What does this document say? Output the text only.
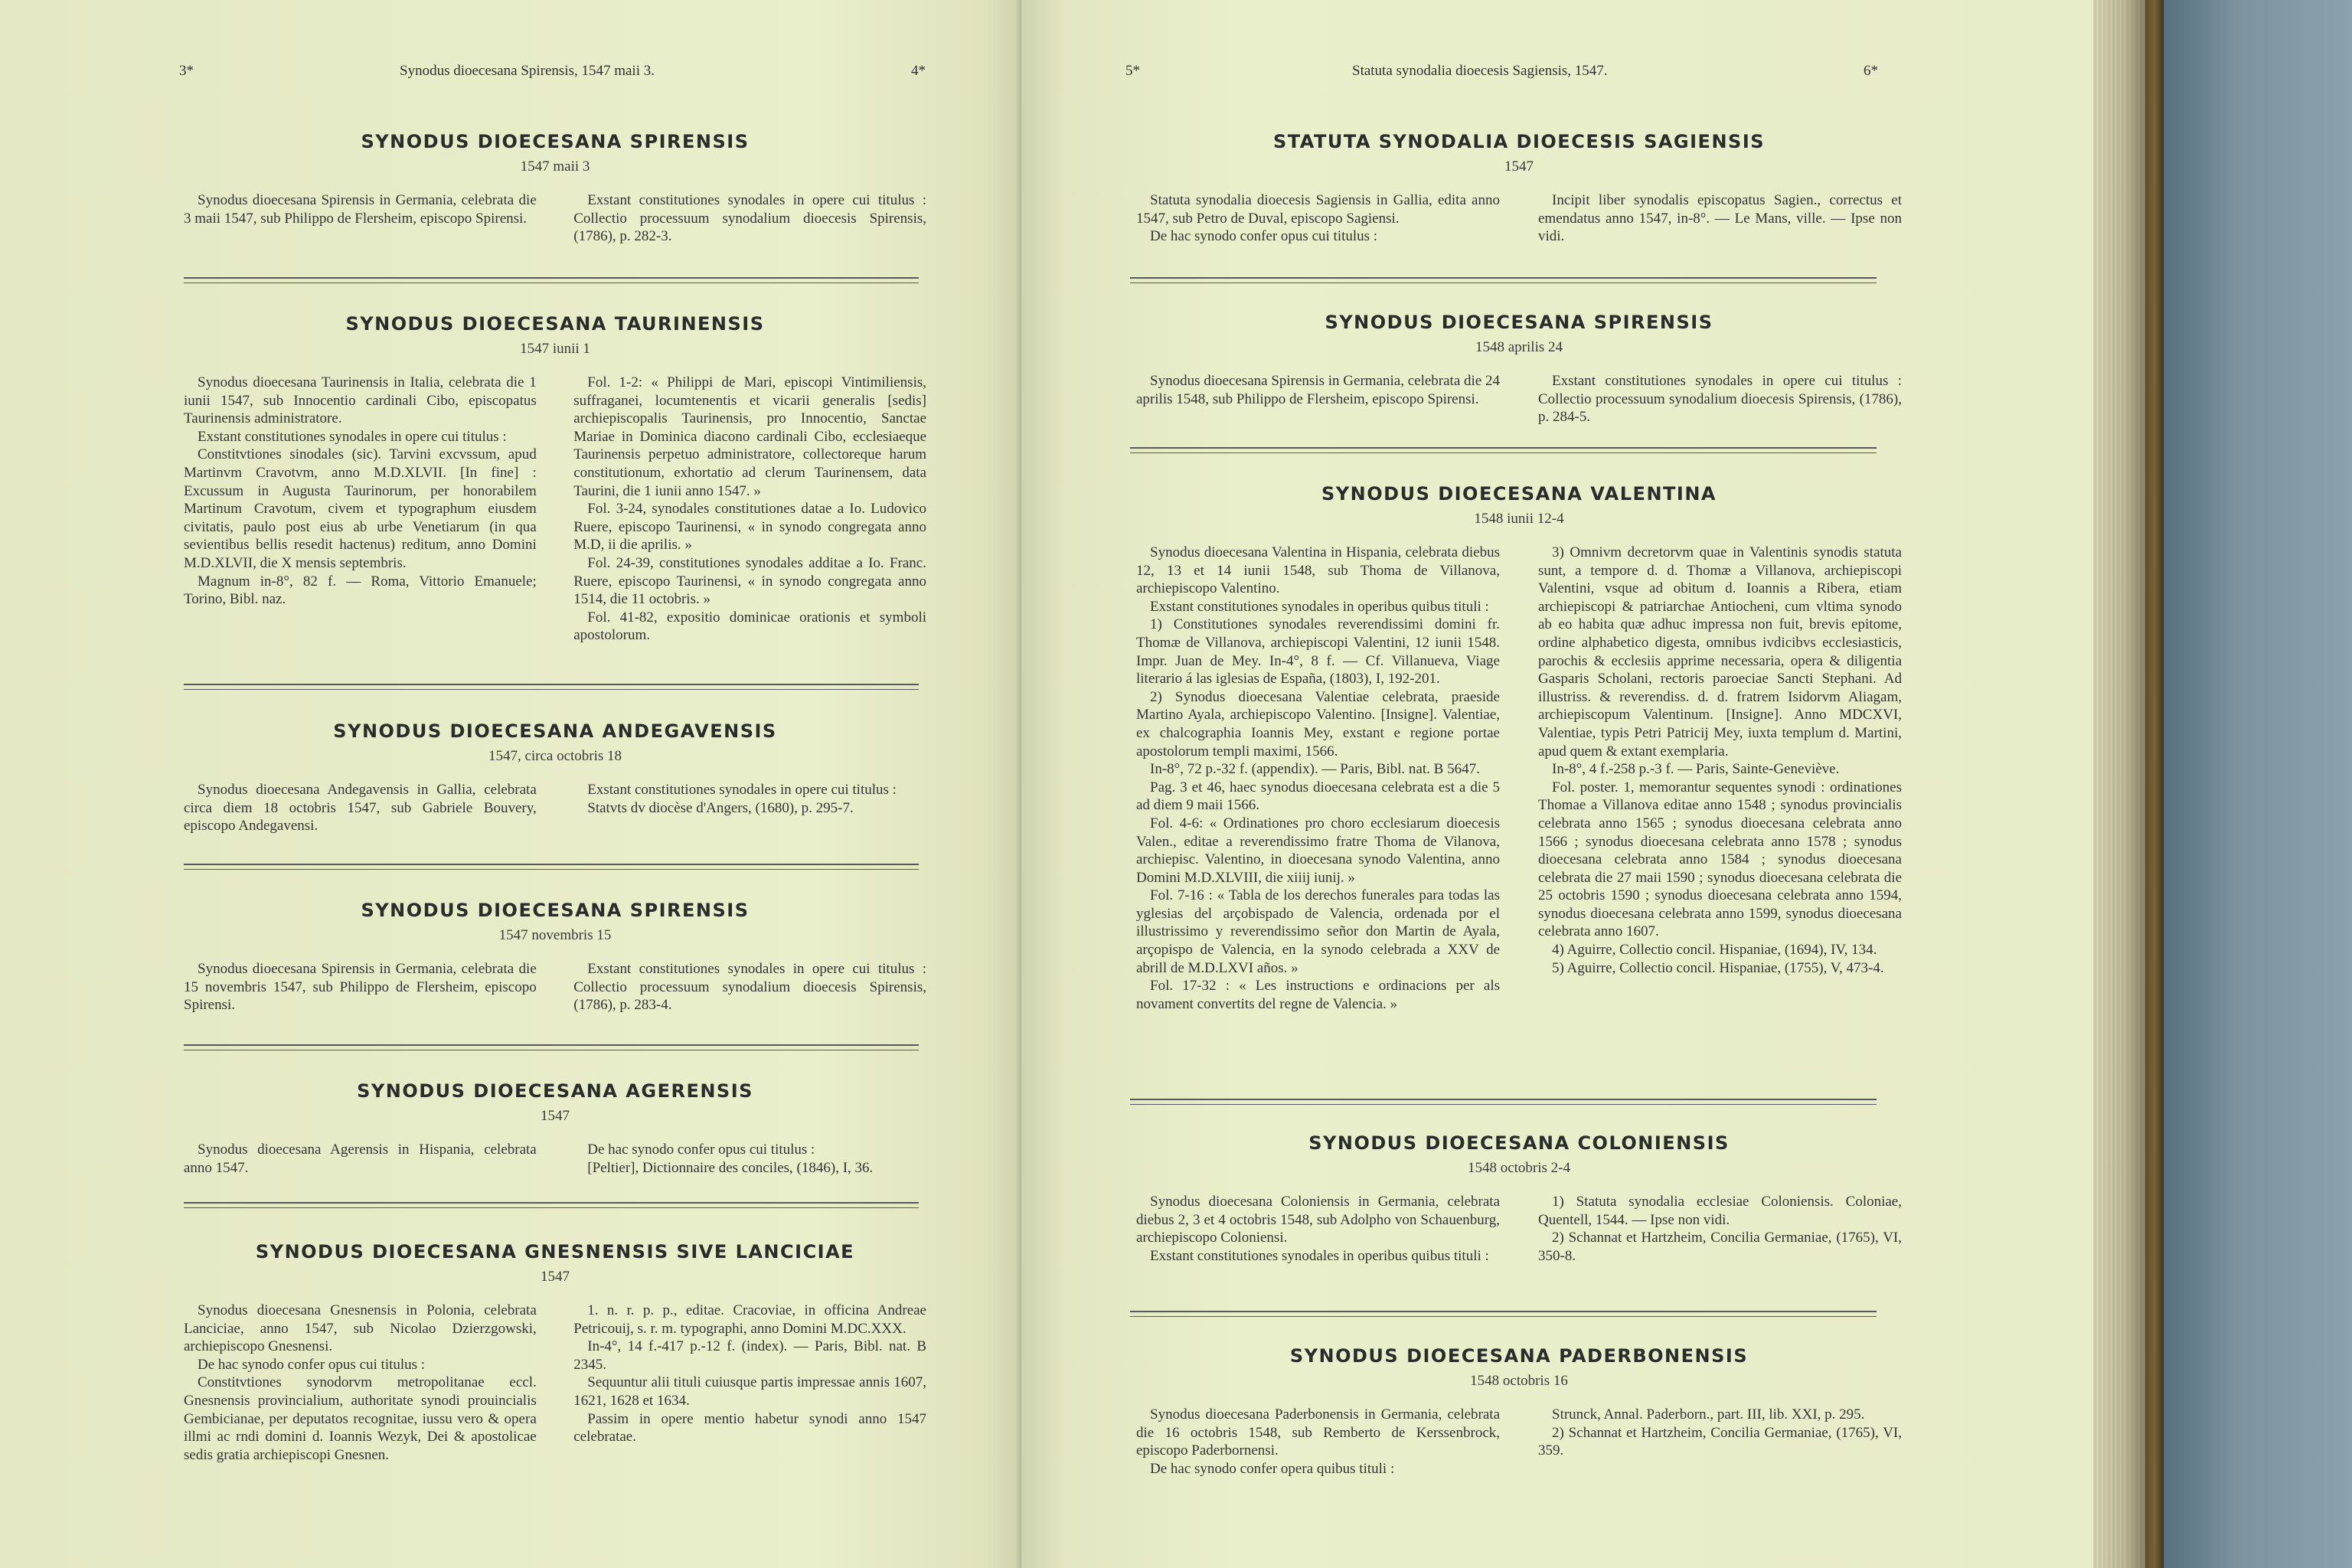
3*	Synodus dioecesana Spirensis, 1547 maii 3.	4*
SYNODUS DIOECESANA SPIRENSIS
1547 maii 3

Synodus dioecesana Spirensis in Germania, celebrata die 3 maii 1547, sub Philippo de Flersheim, episcopo Spirensi.

Exstant constitutiones synodales in opere cui titulus : Collectio processuum synodalium dioecesis Spirensis, (1786), p. 282-3.

SYNODUS DIOECESANA TAURINENSIS
1547 iunii 1

Synodus dioecesana Taurinensis in Italia, celebrata die 1 iunii 1547, sub Innocentio cardinali Cibo, episcopatus Taurinensis administratore.

Exstant constitutiones synodales in opere cui titulus :

Constitvtiones sinodales (sic). Tarvini excvssum, apud Martinvm Cravotvm, anno M.D.XLVII. [In fine] : Excussum in Augusta Taurinorum, per honorabilem Martinum Cravotum, civem et typographum eiusdem civitatis, paulo post eius ab urbe Venetiarum (in qua sevientibus bellis resedit hactenus) reditum, anno Domini M.D.XLVII, die X mensis septembris.

Magnum in-8°, 82 f. — Roma, Vittorio Emanuele; Torino, Bibl. naz.

Fol. 1-2: « Philippi de Mari, episcopi Vintimiliensis, suffraganei, locumtenentis et vicarii generalis [sedis] archiepiscopalis Taurinensis, pro Innocentio, Sanctae Mariae in Dominica diacono cardinali Cibo, ecclesiaeque Taurinensis perpetuo administratore, collectoreque harum constitutionum, exhortatio ad clerum Taurinensem, data Taurini, die 1 iunii anno 1547. »

Fol. 3-24, synodales constitutiones datae a Io. Ludovico Ruere, episcopo Taurinensi, « in synodo congregata anno M.D, ii die aprilis. »

Fol. 24-39, constitutiones synodales additae a Io. Franc. Ruere, episcopo Taurinensi, « in synodo congregata anno 1514, die 11 octobris. »

Fol. 41-82, expositio dominicae orationis et symboli apostolorum.

SYNODUS DIOECESANA ANDEGAVENSIS
1547, circa octobris 18

Synodus dioecesana Andegavensis in Gallia, celebrata circa diem 18 octobris 1547, sub Gabriele Bouvery, episcopo Andegavensi.

Exstant constitutiones synodales in opere cui titulus :

Statvts dv diocèse d'Angers, (1680), p. 295-7.

SYNODUS DIOECESANA SPIRENSIS
1547 novembris 15

Synodus dioecesana Spirensis in Germania, celebrata die 15 novembris 1547, sub Philippo de Flersheim, episcopo Spirensi.

Exstant constitutiones synodales in opere cui titulus : Collectio processuum synodalium dioecesis Spirensis, (1786), p. 283-4.

SYNODUS DIOECESANA AGERENSIS
1547

Synodus dioecesana Agerensis in Hispania, celebrata anno 1547.

De hac synodo confer opus cui titulus :

[Peltier], Dictionnaire des conciles, (1846), I, 36.

SYNODUS DIOECESANA GNESNENSIS SIVE LANCICIAE
1547

Synodus dioecesana Gnesnensis in Polonia, celebrata Lanciciae, anno 1547, sub Nicolao Dzierzgowski, archiepiscopo Gnesnensi.

De hac synodo confer opus cui titulus :

Constitvtiones synodorvm metropolitanae eccl. Gnesnensis provincialium, authoritate synodi prouincialis Gembicianae, per deputatos recognitae, iussu vero & opera illmi ac rndi domini d. Ioannis Wezyk, Dei & apostolicae sedis gratia archiepiscopi Gnesnen.

1. n. r. p. p., editae. Cracoviae, in officina Andreae Petricouij, s. r. m. typographi, anno Domini M.DC.XXX.

In-4°, 14 f.-417 p.-12 f. (index). — Paris, Bibl. nat. B 2345.

Sequuntur alii tituli cuiusque partis impressae annis 1607, 1621, 1628 et 1634.

Passim in opere mentio habetur synodi anno 1547 celebratae.

5*	Statuta synodalia dioecesis Sagiensis, 1547.	6*
STATUTA SYNODALIA DIOECESIS SAGIENSIS
1547

Statuta synodalia dioecesis Sagiensis in Gallia, edita anno 1547, sub Petro de Duval, episcopo Sagiensi.

De hac synodo confer opus cui titulus :

Incipit liber synodalis episcopatus Sagien., correctus et emendatus anno 1547, in-8°. — Le Mans, ville. — Ipse non vidi.

SYNODUS DIOECESANA SPIRENSIS
1548 aprilis 24

Synodus dioecesana Spirensis in Germania, celebrata die 24 aprilis 1548, sub Philippo de Flersheim, episcopo Spirensi.

Exstant constitutiones synodales in opere cui titulus : Collectio processuum synodalium dioecesis Spirensis, (1786), p. 284-5.

SYNODUS DIOECESANA VALENTINA
1548 iunii 12-4

Synodus dioecesana Valentina in Hispania, celebrata diebus 12, 13 et 14 iunii 1548, sub Thoma de Villanova, archiepiscopo Valentino.

Exstant constitutiones synodales in operibus quibus tituli :

1) Constitutiones synodales reverendissimi domini fr. Thomæ de Villanova, archiepiscopi Valentini, 12 iunii 1548. Impr. Juan de Mey. In-4°, 8 f. — Cf. Villanueva, Viage literario á las iglesias de España, (1803), I, 192-201.

2) Synodus dioecesana Valentiae celebrata, praeside Martino Ayala, archiepiscopo Valentino. [Insigne]. Valentiae, ex chalcographia Ioannis Mey, exstant e regione portae apostolorum templi maximi, 1566.

In-8°, 72 p.-32 f. (appendix). — Paris, Bibl. nat. B 5647.

Pag. 3 et 46, haec synodus dioecesana celebrata est a die 5 ad diem 9 maii 1566.

Fol. 4-6: « Ordinationes pro choro ecclesiarum dioecesis Valen., editae a reverendissimo fratre Thoma de Vilanova, archiepisc. Valentino, in dioecesana synodo Valentina, anno Domini M.D.XLVIII, die xiiij iunij. »

Fol. 7-16 : « Tabla de los derechos funerales para todas las yglesias del arçobispado de Valencia, ordenada por el illustrissimo y reverendissimo señor don Martin de Ayala, arçopispo de Valencia, en la synodo celebrada a XXV de abrill de M.D.LXVI años. »

Fol. 17-32 : « Les instructions e ordinacions per als novament convertits del regne de Valencia. »

3) Omnivm decretorvm quae in Valentinis synodis statuta sunt, a tempore d. d. Thomæ a Villanova, archiepiscopi Valentini, vsque ad obitum d. Ioannis a Ribera, etiam archiepiscopi & patriarchae Antiocheni, cum vltima synodo ab eo habita quæ adhuc impressa non fuit, brevis epitome, ordine alphabetico digesta, omnibus ivdicibvs ecclesiasticis, parochis & ecclesiis apprime necessaria, opera & diligentia Gasparis Scholani, rectoris paroeciae Sancti Stephani. Ad illustriss. & reverendiss. d. d. fratrem Isidorvm Aliagam, archiepiscopum Valentinum. [Insigne]. Anno MDCXVI, Valentiae, typis Petri Patricij Mey, iuxta templum d. Martini, apud quem & extant exemplaria.

In-8°, 4 f.-258 p.-3 f. — Paris, Sainte-Geneviève.

Fol. poster. 1, memorantur sequentes synodi : ordinationes Thomae a Villanova editae anno 1548 ; synodus provincialis celebrata anno 1565 ; synodus dioecesana celebrata anno 1566 ; synodus dioecesana celebrata anno 1578 ; synodus dioecesana celebrata anno 1584 ; synodus dioecesana celebrata die 27 maii 1590 ; synodus dioecesana celebrata die 25 octobris 1590 ; synodus dioecesana celebrata anno 1594, synodus dioecesana celebrata anno 1599, synodus dioecesana celebrata anno 1607.

4) Aguirre, Collectio concil. Hispaniae, (1694), IV, 134.

5) Aguirre, Collectio concil. Hispaniae, (1755), V, 473-4.

SYNODUS DIOECESANA COLONIENSIS
1548 octobris 2-4

Synodus dioecesana Coloniensis in Germania, celebrata diebus 2, 3 et 4 octobris 1548, sub Adolpho von Schauenburg, archiepiscopo Coloniensi.

Exstant constitutiones synodales in operibus quibus tituli :

1) Statuta synodalia ecclesiae Coloniensis. Coloniae, Quentell, 1544. — Ipse non vidi.

2) Schannat et Hartzheim, Concilia Germaniae, (1765), VI, 350-8.

SYNODUS DIOECESANA PADERBONENSIS
1548 octobris 16

Synodus dioecesana Paderbonensis in Germania, celebrata die 16 octobris 1548, sub Remberto de Kerssenbrock, episcopo Paderbornensi.

De hac synodo confer opera quibus tituli :

Strunck, Annal. Paderborn., part. III, lib. XXI, p. 295.

2) Schannat et Hartzheim, Concilia Germaniae, (1765), VI, 359.
